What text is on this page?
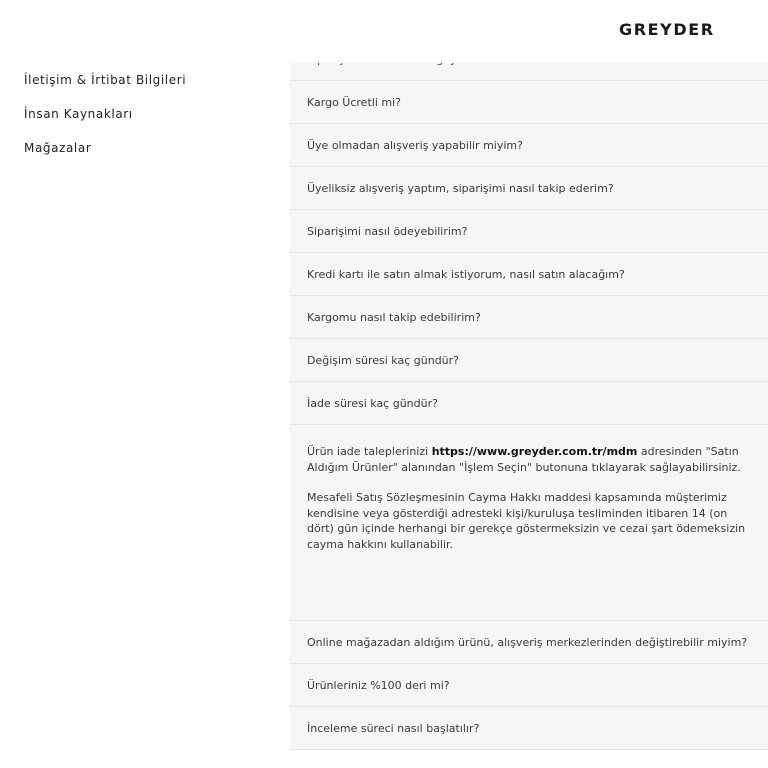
GREYDER
İletişim & İrtibat Bilgileri
İnsan Kaynakları
Mağazalar
Kargo Ücretli mi?
Üye olmadan alışveriş yapabilir miyim?
Üyeliksiz alışveriş yaptım, siparişimi nasıl takip ederim?
Siparişimi nasıl ödeyebilirim?
Kredi kartı ile satın almak istiyorum, nasıl satın alacağım?
Kargomu nasıl takip edebilirim?
Değişim süresi kaç gündür?
İade süresi kaç gündür?

Ürün iade taleplerinizi https://www.greyder.com.tr/mdm adresinden "Satın Aldığım Ürünler" alanından "İşlem Seçin" butonuna tıklayarak sağlayabilirsiniz.

Mesafeli Satış Sözleşmesinin Cayma Hakkı maddesi kapsamında müşterimiz kendisine veya gösterdiği adresteki kişi/kuruluşa tesliminden itibaren 14 (on dört) gün içinde herhangi bir gerekçe göstermeksizin ve cezai şart ödemeksizin cayma hakkını kullanabilir.

Online mağazadan aldığım ürünü, alışveriş merkezlerinden değiştirebilir miyim?
Ürünleriniz %100 deri mi?
İnceleme süreci nasıl başlatılır?
